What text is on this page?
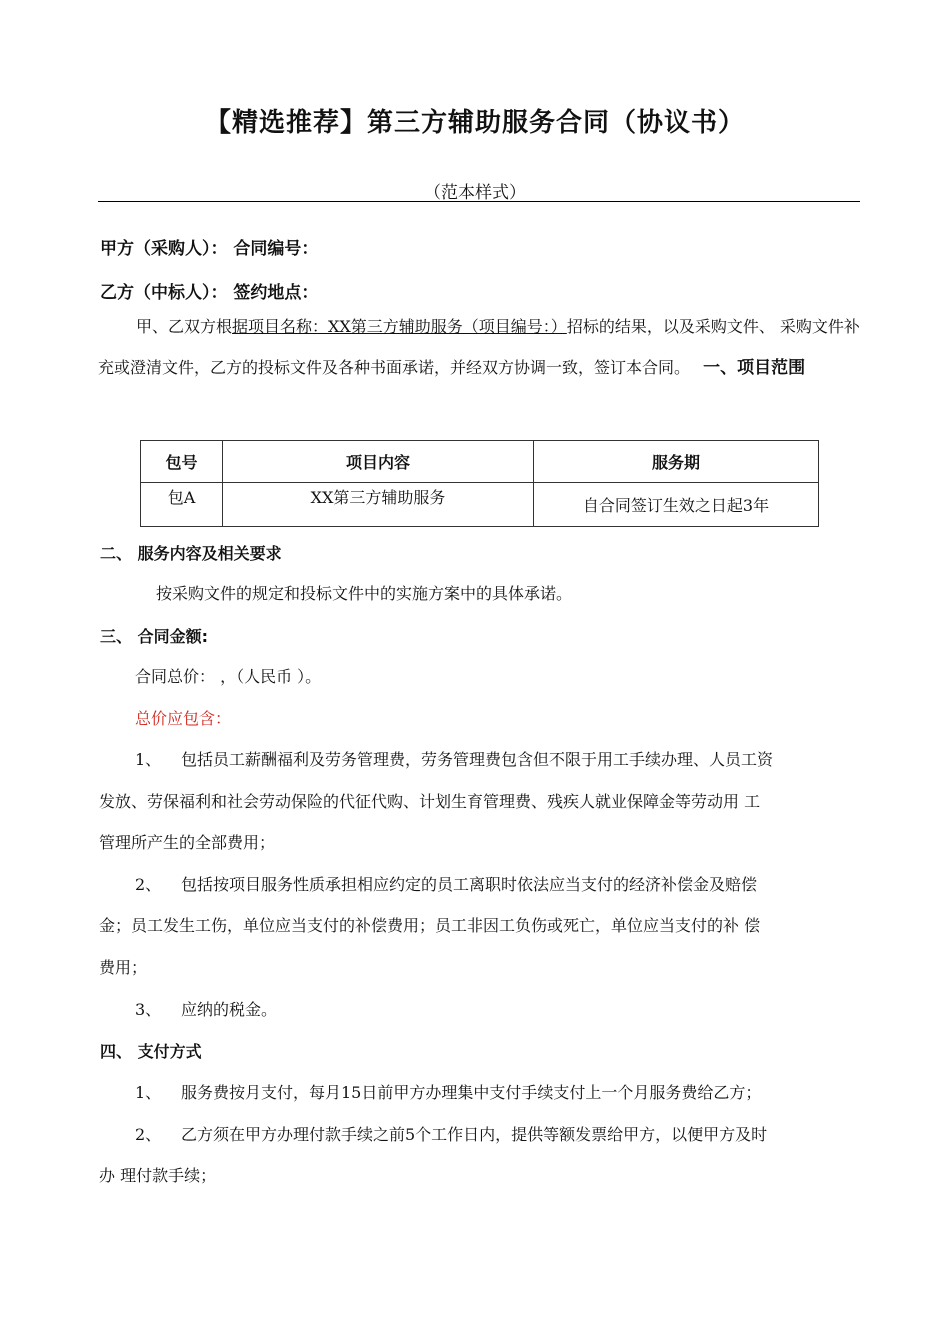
【精选推荐】第三方辅助服务合同（协议书）
（范本样式）
甲方（采购人）： 合同编号：
乙方（中标人）： 签约地点：
甲、乙双方根据项目名称：XX第三方辅助服务（项目编号：）招标的结果，以及采购文件、 采购文件补充或澄清文件，乙方的投标文件及各种书面承诺，并经双方协调一致，签订本合同。 一、项目范围
包号	项目内容	服务期
包A	XX第三方辅助服务	自合同签订生效之日起3年
二、 服务内容及相关要求
按采购文件的规定和投标文件中的实施方案中的具体承诺。
三、 合同金额:
合同总价： ，（人民币 ）。
总价应包含：
1、 包括员工薪酬福利及劳务管理费，劳务管理费包含但不限于用工手续办理、人员工资
发放、劳保福利和社会劳动保险的代征代购、计划生育管理费、残疾人就业保障金等劳动用 工
管理所产生的全部费用；
2、 包括按项目服务性质承担相应约定的员工离职时依法应当支付的经济补偿金及赔偿
金；员工发生工伤，单位应当支付的补偿费用；员工非因工负伤或死亡，单位应当支付的补 偿
费用；
3、 应纳的税金。
四、 支付方式
1、 服务费按月支付，每月15日前甲方办理集中支付手续支付上一个月服务费给乙方；
2、 乙方须在甲方办理付款手续之前5个工作日内，提供等额发票给甲方，以便甲方及时
办 理付款手续；
